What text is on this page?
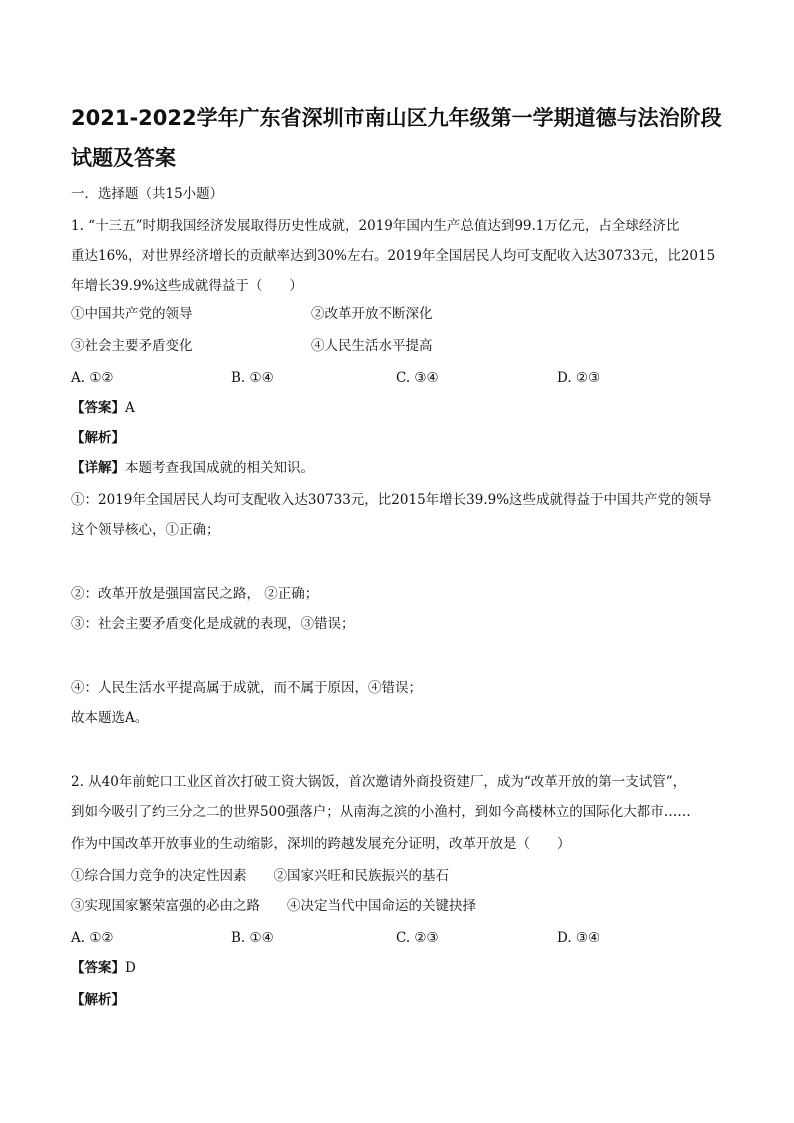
2021-2022学年广东省深圳市南山区九年级第一学期道德与法治阶段
试题及答案
一．选择题（共15小题）
1. “十三五”时期我国经济发展取得历史性成就，2019年国内生产总值达到99.1万亿元，占全球经济比
重达16%，对世界经济增长的贡献率达到30%左右。2019年全国居民人均可支配收入达30733元，比2015
年增长39.9%这些成就得益于（　　）
①中国共产党的领导	②改革开放不断深化
③社会主要矛盾变化	④人民生活水平提高
A. ①②	B. ①④	C. ③④	D. ②③
【答案】A
【解析】
【详解】本题考查我国成就的相关知识。
①：2019年全国居民人均可支配收入达30733元，比2015年增长39.9%这些成就得益于中国共产党的领导
这个领导核心，①正确；
②：改革开放是强国富民之路， ②正确；
③：社会主要矛盾变化是成就的表现，③错误；
④：人民生活水平提高属于成就，而不属于原因，④错误；
故本题选A。
2. 从40年前蛇口工业区首次打破工资大锅饭，首次邀请外商投资建厂，成为“改革开放的第一支试管”，
到如今吸引了约三分之二的世界500强落户；从南海之滨的小渔村，到如今高楼林立的国际化大都市……
作为中国改革开放事业的生动缩影，深圳的跨越发展充分证明，改革开放是（　　）
①综合国力竞争的决定性因素　　②国家兴旺和民族振兴的基石
③实现国家繁荣富强的必由之路　　④决定当代中国命运的关键抉择
A. ①②	B. ①④	C. ②③	D. ③④
【答案】D
【解析】
